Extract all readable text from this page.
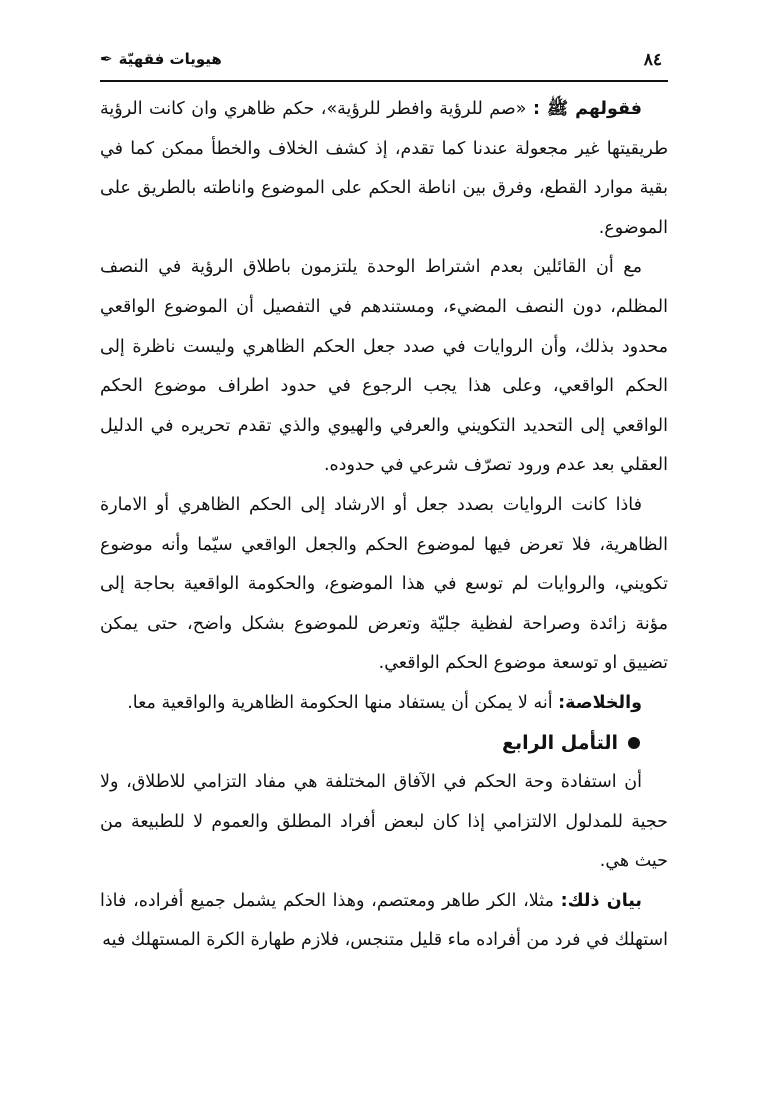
هيويات فقهيّة
✒	٨٤

فقولهم ﷺ : «صم للرؤية وافطر للرؤية»، حكم ظاهري وان كانت الرؤية طريقيتها غير مجعولة عندنا كما تقدم، إذ كشف الخلاف والخطأ ممكن كما في بقية موارد القطع، وفرق بين اناطة الحكم على الموضوع واناطته بالطريق على الموضوع.

مع أن القائلين بعدم اشتراط الوحدة يلتزمون باطلاق الرؤية في النصف المظلم، دون النصف المضيء، ومستندهم في التفصيل أن الموضوع الواقعي محدود بذلك، وأن الروايات في صدد جعل الحكم الظاهري وليست ناظرة إلى الحكم الواقعي، وعلى هذا يجب الرجوع في حدود اطراف موضوع الحكم الواقعي إلى التحديد التكويني والعرفي والهيوي والذي تقدم تحريره في الدليل العقلي بعد عدم ورود تصرّف شرعي في حدوده.

فاذا كانت الروايات بصدد جعل أو الارشاد إلى الحكم الظاهري أو الامارة الظاهرية، فلا تعرض فيها لموضوع الحكم والجعل الواقعي سيّما وأنه موضوع تكويني، والروايات لم توسع في هذا الموضوع، والحكومة الواقعية بحاجة إلى مؤنة زائدة وصراحة لفظية جليّة وتعرض للموضوع بشكل واضح، حتى يمكن تضييق او توسعة موضوع الحكم الواقعي.

والخلاصة: أنه لا يمكن أن يستفاد منها الحكومة الظاهرية والواقعية معا.

التأمل الرابع

أن استفادة وحة الحكم في الآفاق المختلفة هي مفاد التزامي للاطلاق، ولا حجية للمدلول الالتزامي إذا كان لبعض أفراد المطلق والعموم لا للطبيعة من حيث هي.

بيان ذلك: مثلا، الكر طاهر ومعتصم، وهذا الحكم يشمل جميع أفراده، فاذا استهلك في فرد من أفراده ماء قليل متنجس، فلازم طهارة الكرة المستهلك فيه
